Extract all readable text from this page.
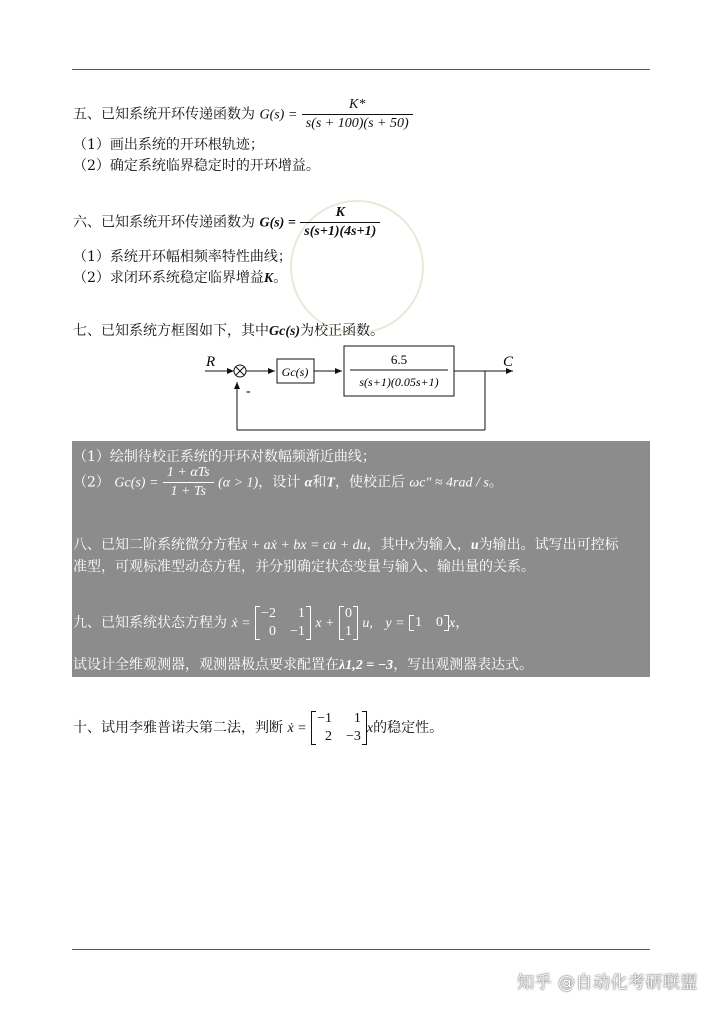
五、已知系统开环传递函数为 $G(s) = \frac{K*}{s(s + 100)(s + 50)}$
（1）画出系统的开环根轨迹；
（2）确定系统临界稳定时的开环增益。
六、已知系统开环传递函数为 $G(s) = \frac{K}{s(s+1)(4s+1)}$
（1）系统开环幅相频率特性曲线；
（2）求闭环系统稳定临界增益K。
七、已知系统方框图如下，其中Gc(s)为校正函数。
R	C
-
Gc(s)
6.5
s(s+1)(0.05s+1)
（1）绘制待校正系统的开环对数幅频渐近曲线；
（2） $Gc(s) = \frac{\text{1 + αTs}}{1 + Ts} (\alpha > 1)$，设计 α和T，使校正后 ωc″ ≈ 4rad / s。
八、已知二阶系统微分方程ẍ + aẋ + bx = cu̇ + du，其中x为输入，u为输出。试写出可控标
准型，可观标准型动态方程，并分别确定状态变量与输入、输出量的关系。
九、已知系统状态方程为 ẋ =
−2	1
0 −1
x +
0
1
u, y = 1 0 x，
试设计全维观测器，观测器极点要求配置在λ1,2 = −3，写出观测器表达式。
十、试用李雅普诺夫第二法，判断 ẋ =
−1	1
2 −3
x的稳定性。
知乎 @自动化考研联盟
